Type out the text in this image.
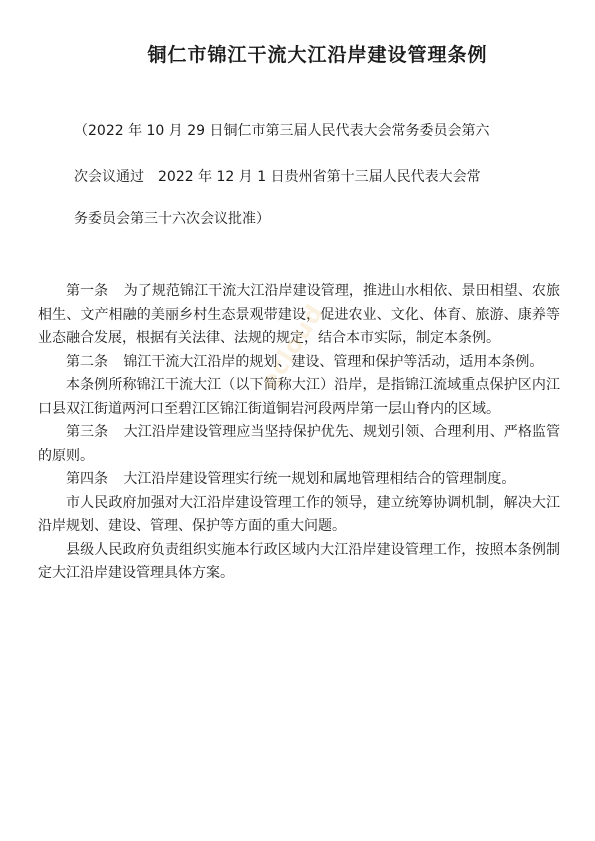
铜仁市锦江干流大江沿岸建设管理条例
（2022 年 10 月 29 日铜仁市第三届人民代表大会常务委员会第六
次会议通过　2022 年 12 月 1 日贵州省第十三届人民代表大会常
务委员会第三十六次会议批准）

第一条 为了规范锦江干流大江沿岸建设管理，推进山水相依、景田相望、农旅相生、文产相融的美丽乡村生态景观带建设，促进农业、文化、体育、旅游、康养等业态融合发展，根据有关法律、法规的规定，结合本市实际，制定本条例。

第二条 锦江干流大江沿岸的规划、建设、管理和保护等活动，适用本条例。

本条例所称锦江干流大江（以下简称大江）沿岸，是指锦江流域重点保护区内江口县双江街道两河口至碧江区锦江街道铜岩河段两岸第一层山脊内的区域。

第三条 大江沿岸建设管理应当坚持保护优先、规划引领、合理利用、严格监管的原则。

第四条 大江沿岸建设管理实行统一规划和属地管理相结合的管理制度。

市人民政府加强对大江沿岸建设管理工作的领导，建立统筹协调机制，解决大江沿岸规划、建设、管理、保护等方面的重大问题。

县级人民政府负责组织实施本行政区域内大江沿岸建设管理工作，按照本条例制定大江沿岸建设管理具体方案。

ecloud
